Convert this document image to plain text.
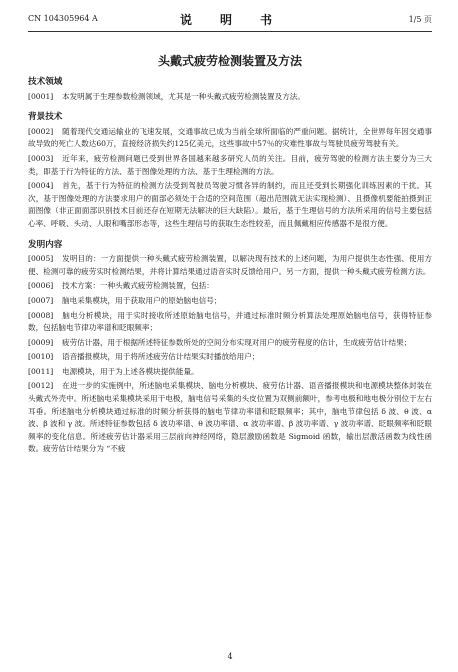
CN 104305964 A	说　明　书	1/5 页
头戴式疲劳检测装置及方法
技术领域
[0001] 本发明属于生理参数检测领域，尤其是一种头戴式疲劳检测装置及方法。
背景技术
[0002] 随着现代交通运输业的飞速发展，交通事故已成为当前全球所面临的严重问题。据统计，全世界每年因交通事故导致的死亡人数达60万，直接经济损失约125亿美元，这些事故中57％的灾难性事故与驾驶员疲劳驾驶有关。
[0003] 近年来，疲劳检测问题已受到世界各国越来越多研究人员的关注。目前，疲劳驾驶的检测方法主要分为三大类，即基于行为特征的方法、基于图像处理的方法、基于生理检测的方法。
[0004] 首先，基于行为特征的检测方法受到驾驶员驾驶习惯各异的制约，而且还受到长期强化训练因素的干扰。其次，基于图像处理的方法要求用户的面部必须处于合适的空间范围（超出范围就无法实现检测）、且摄像机要能拍摄到正面图像（非正面面部识别技术目前还存在短期无法解决的巨大缺陷）。最后，基于生理信号的方法所采用的信号主要包括心率、呼吸、头动、人眼和嘴部形态等，这些生理信号的获取生态性较差，而且佩戴相应传感器不是很方便。
发明内容
[0005] 发明目的：一方面提供一种头戴式疲劳检测装置，以解决现有技术的上述问题，为用户提供生态性强、使用方便、检测可靠的疲劳实时检测结果，并将计算结果通过语音实时反馈给用户。另一方面，提供一种头戴式疲劳检测方法。
[0006] 技术方案：一种头戴式疲劳检测装置，包括：
[0007] 脑电采集模块，用于获取用户的原始脑电信号；
[0008] 脑电分析模块，用于实时接收所述原始脑电信号，并通过标准时频分析算法处理原始脑电信号，获得特征参数，包括脑电节律功率谱和眨眼频率；
[0009] 疲劳估计器，用于根据所述特征参数所处的空间分布实现对用户的疲劳程度的估计，生成疲劳估计结果；
[0010] 语音播报模块，用于将所述疲劳估计结果实时播放给用户；
[0011] 电源模块，用于为上述各模块提供能量。
[0012] 在进一步的实施例中，所述脑电采集模块、脑电分析模块、疲劳估计器、语音播报模块和电源模块整体封装在头戴式外壳中。所述脑电采集模块采用干电极，脑电信号采集的头皮位置为双侧前额叶，参考电极和地电极分别位于左右耳垂。所述脑电分析模块通过标准的时频分析获得的脑电节律功率谱和眨眼频率；其中，脑电节律包括 δ 波、θ 波、α 波、β 波和 γ 波。所述特征参数包括 δ 波功率谱、θ 波功率谱、α 波功率谱、β 波功率谱、γ 波功率谱、眨眼频率和眨眼频率的变化信息。所述疲劳估计器采用三层前向神经网络，隐层激励函数是 Sigmoid 函数，输出层激活函数为线性函数。疲劳估计结果分为 “不疲
4
